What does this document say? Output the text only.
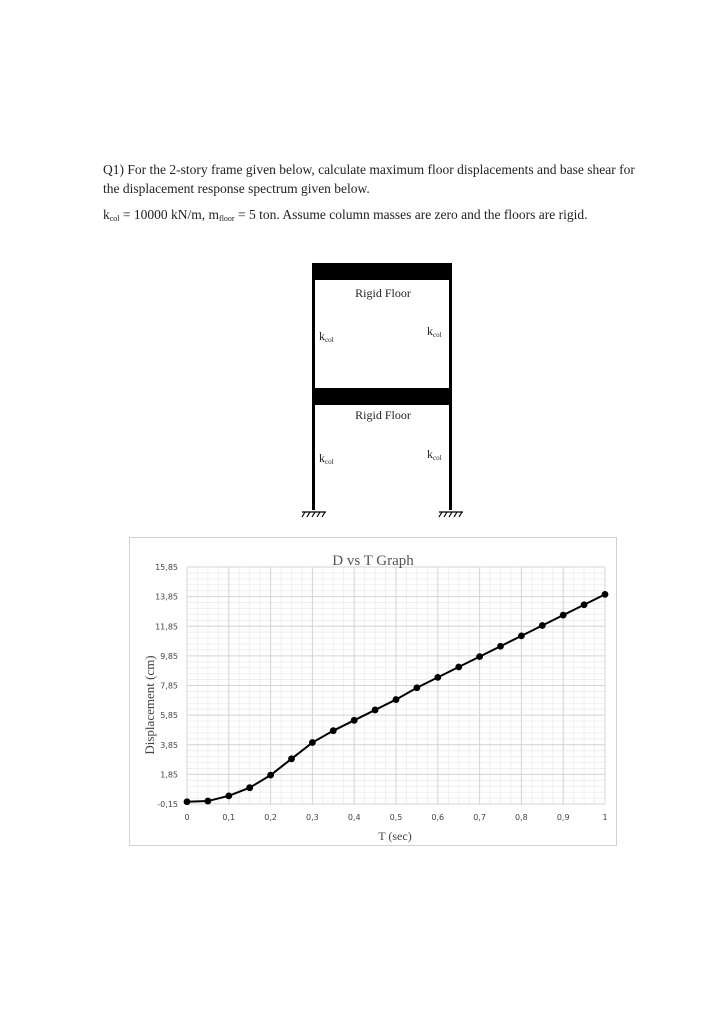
Q1) For the 2-story frame given below, calculate maximum floor displacements and base shear for the displacement response spectrum given below.
$k_{col} = 10000$ kN/m, $m_{floor} = 5$ ton. Assume column masses are zero and the floors are rigid.
Rigid Floor
Rigid Floor
kcol
kcol
kcol
kcol
0	0,1	0,2	0,3	0,4	0,5	0,6	0,7	0,8	0,9	1
15,85
13,85
11,85
9,85
7,85
5,85
3,85
1,85
-0,15
D vs T Graph
T (sec)
Displacement (cm)
